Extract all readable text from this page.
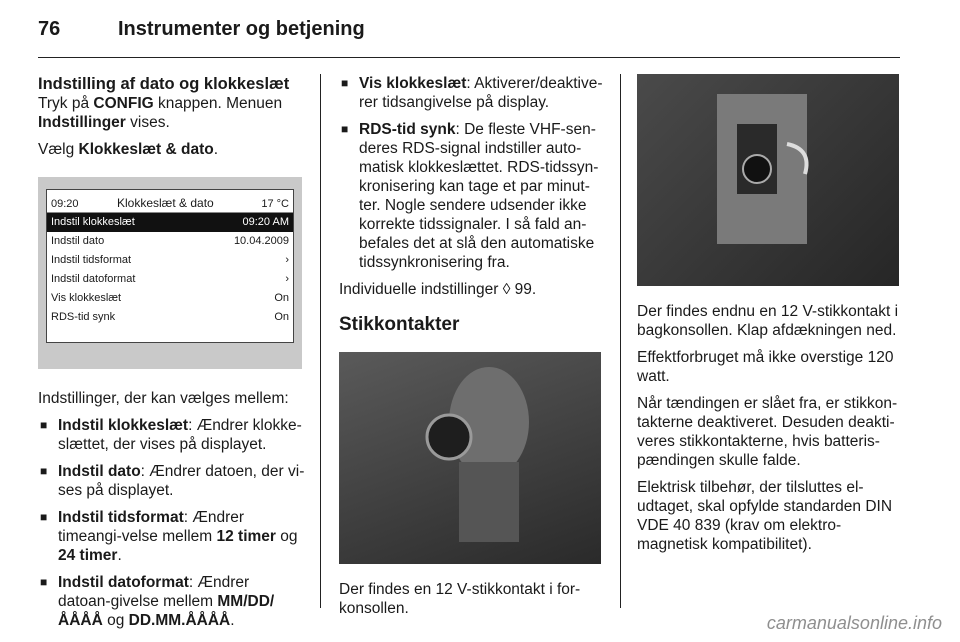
76	Instrumenter og betjening

Indstilling af dato og klokkeslæt

Tryk på CONFIG knappen. Menuen Indstillinger vises.

Vælg Klokkeslæt & dato.

09:20	Klokkeslæt & dato	17 °C
Indstil klokkeslæt	09:20 AM
Indstil dato	10.04.2009
Indstil tidsformat	›
Indstil datoformat	›
Vis klokkeslæt	On
RDS-tid synk	On

Indstillinger, der kan vælges mellem:

■ Indstil klokkeslæt: Ændrer klokke-slættet, der vises på displayet.
■ Indstil dato: Ændrer datoen, der vi-ses på displayet.
■ Indstil tidsformat: Ændrer timeangi-velse mellem 12 timer og 24 timer.
■ Indstil datoformat: Ændrer datoan-givelse mellem MM/DD/ÅÅÅÅ og DD.MM.ÅÅÅÅ.
■ Vis klokkeslæt: Aktiverer/deaktive-rer tidsangivelse på display.
■ RDS-tid synk: De fleste VHF-sen-deres RDS-signal indstiller auto-matisk klokkeslættet. RDS-tidssyn-kronisering kan tage et par minut-ter. Nogle sendere udsender ikke korrekte tidssignaler. I så fald an-befales det at slå den automatiske tidssynkronisering fra.

Individuelle indstillinger ◊ 99.

Stikkontakter

Der findes en 12 V-stikkontakt i for-konsollen.

Der findes endnu en 12 V-stikkontakt i bagkonsollen. Klap afdækningen ned.

Effektforbruget må ikke overstige 120 watt.

Når tændingen er slået fra, er stikkon-takterne deaktiveret. Desuden deakti-veres stikkontakterne, hvis batteris-pændingen skulle falde.

Elektrisk tilbehør, der tilsluttes el-udtaget, skal opfylde standarden DIN VDE 40 839 (krav om elektro-magnetisk kompatibilitet).

carmanualsonline.info
